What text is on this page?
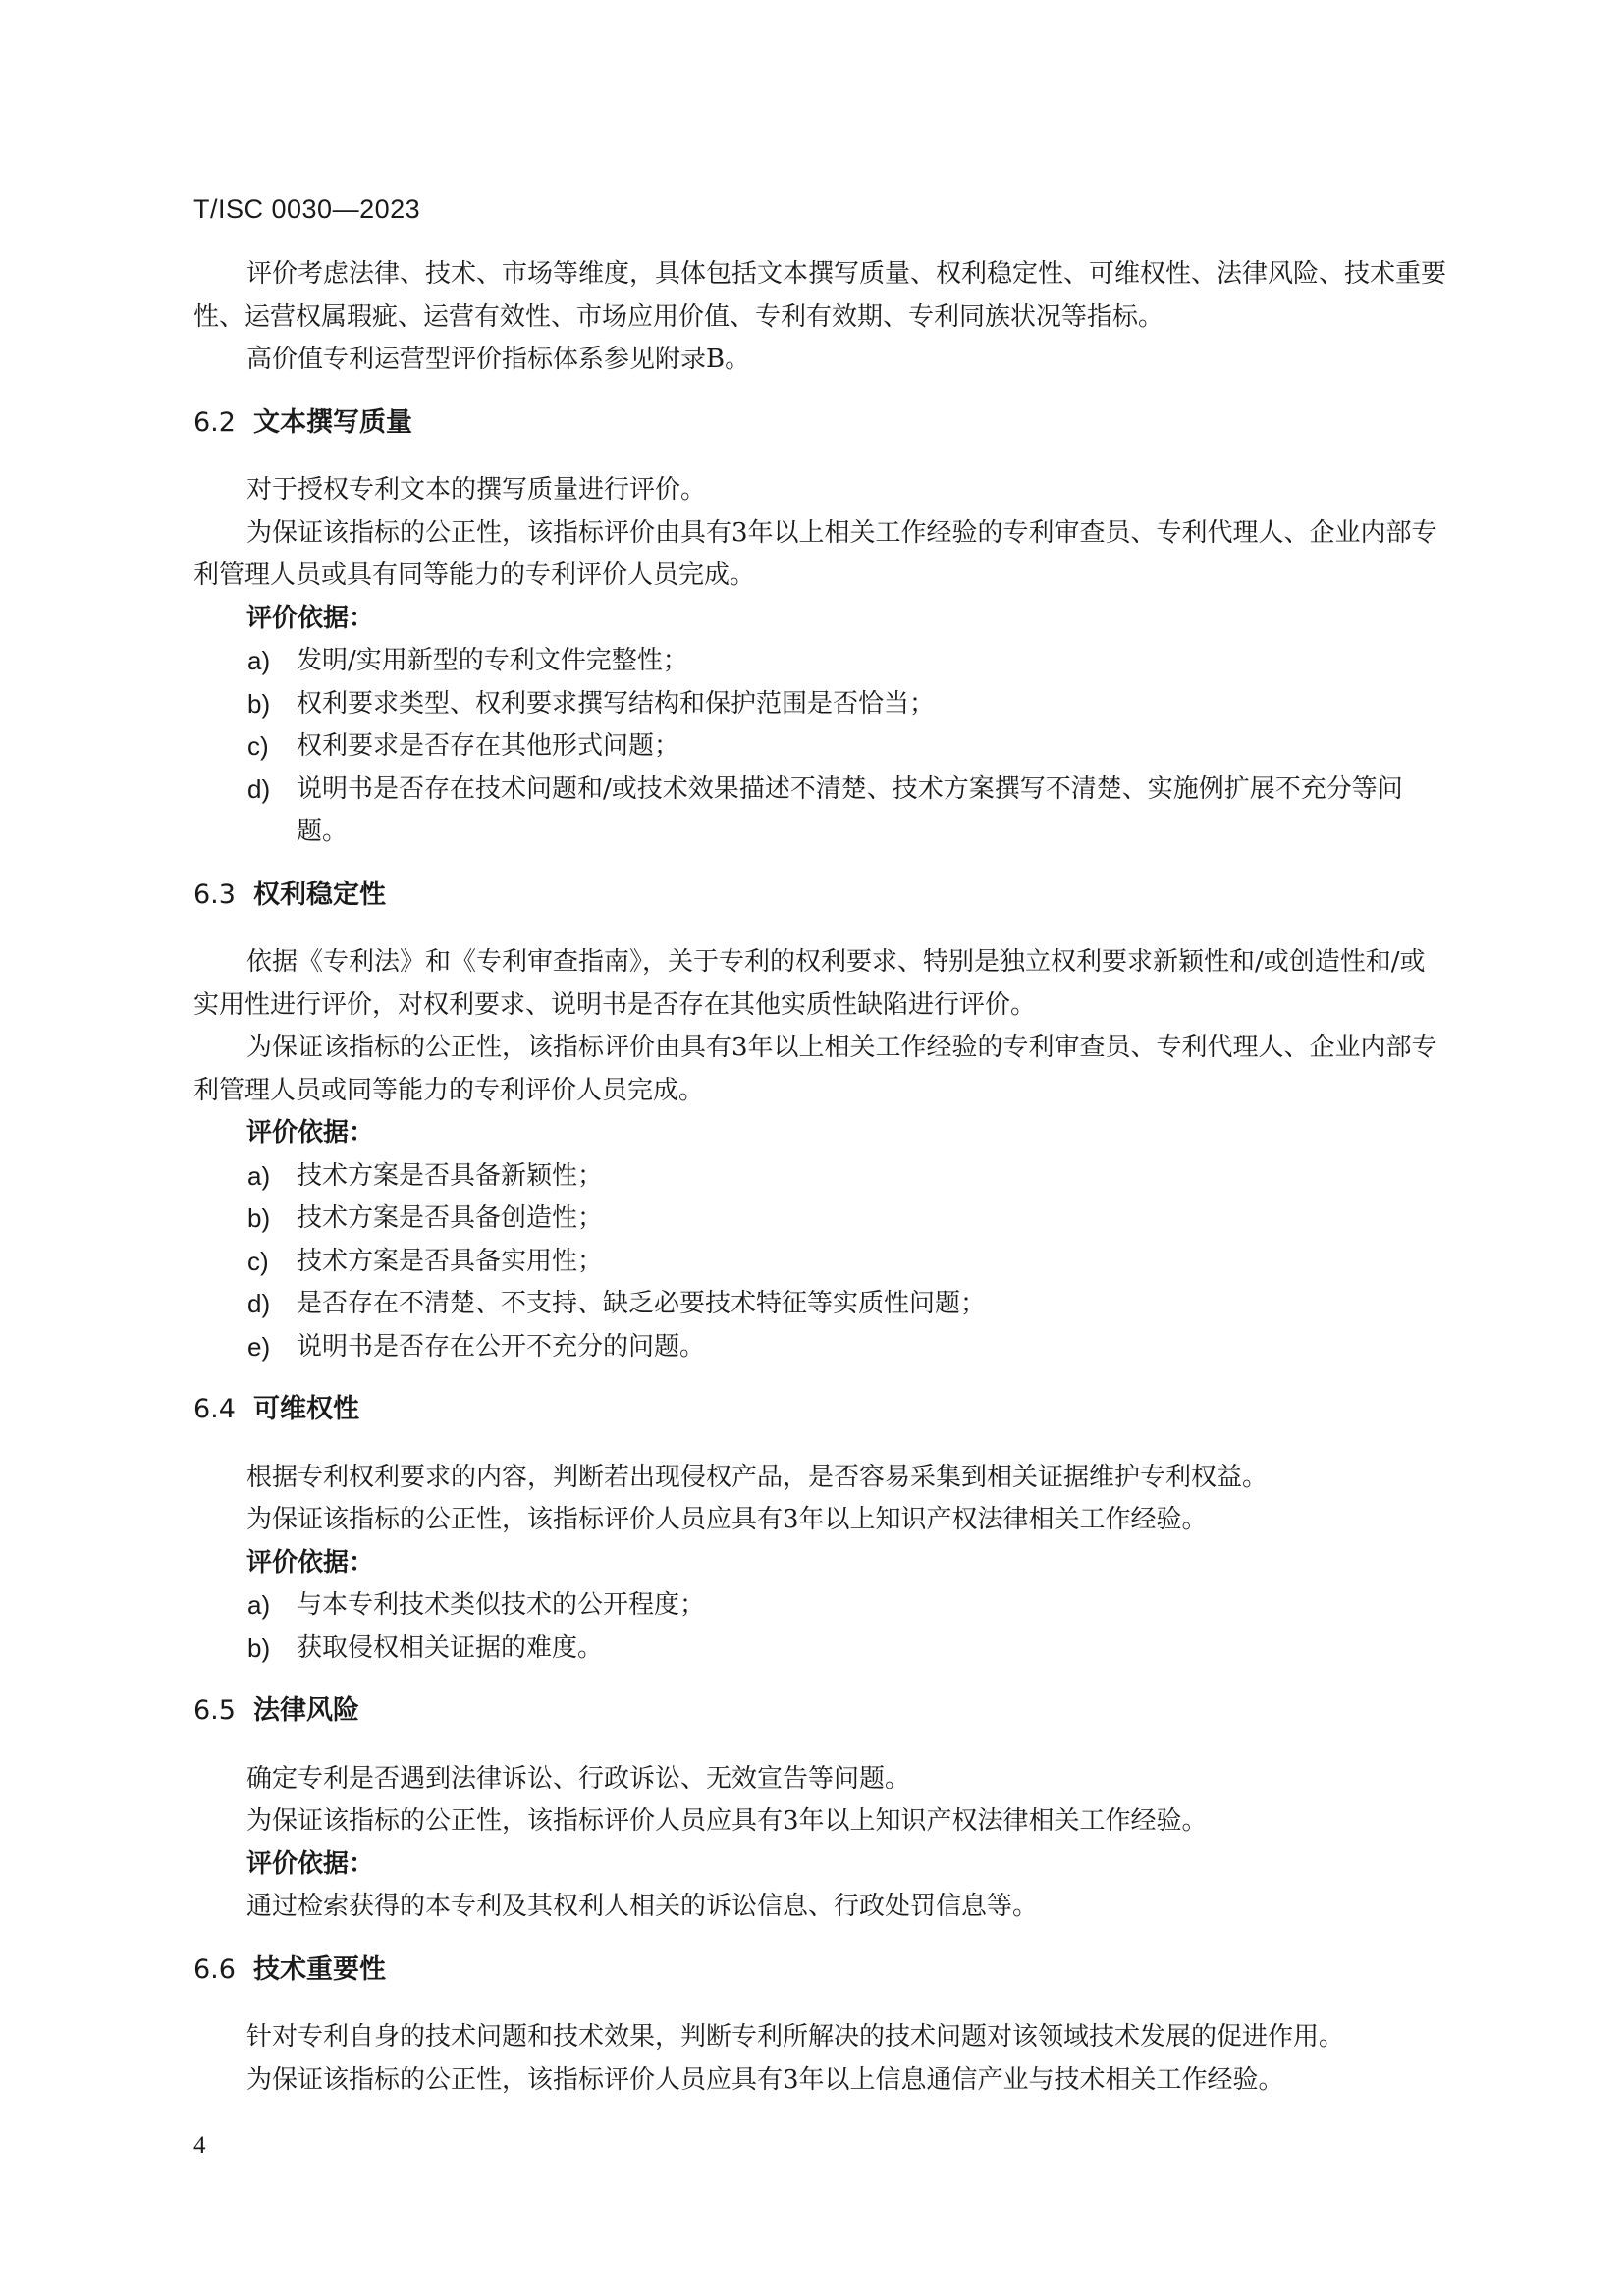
T/ISC 0030—2023

评价考虑法律、技术、市场等维度，具体包括文本撰写质量、权利稳定性、可维权性、法律风险、技术重要性、运营权属瑕疵、运营有效性、市场应用价值、专利有效期、专利同族状况等指标。

高价值专利运营型评价指标体系参见附录B。

6.2 文本撰写质量

对于授权专利文本的撰写质量进行评价。

为保证该指标的公正性，该指标评价由具有3年以上相关工作经验的专利审查员、专利代理人、企业内部专利管理人员或具有同等能力的专利评价人员完成。

评价依据：
a)	发明/实用新型的专利文件完整性；
b)	权利要求类型、权利要求撰写结构和保护范围是否恰当；
c)	权利要求是否存在其他形式问题；
d)	说明书是否存在技术问题和/或技术效果描述不清楚、技术方案撰写不清楚、实施例扩展不充分等问题。
6.3 权利稳定性

依据《专利法》和《专利审查指南》，关于专利的权利要求、特别是独立权利要求新颖性和/或创造性和/或实用性进行评价，对权利要求、说明书是否存在其他实质性缺陷进行评价。

为保证该指标的公正性，该指标评价由具有3年以上相关工作经验的专利审查员、专利代理人、企业内部专利管理人员或同等能力的专利评价人员完成。

评价依据：
a)	技术方案是否具备新颖性；
b)	技术方案是否具备创造性；
c)	技术方案是否具备实用性；
d)	是否存在不清楚、不支持、缺乏必要技术特征等实质性问题；
e)	说明书是否存在公开不充分的问题。
6.4 可维权性

根据专利权利要求的内容，判断若出现侵权产品，是否容易采集到相关证据维护专利权益。

为保证该指标的公正性，该指标评价人员应具有3年以上知识产权法律相关工作经验。

评价依据：
a)	与本专利技术类似技术的公开程度；
b)	获取侵权相关证据的难度。
6.5 法律风险

确定专利是否遇到法律诉讼、行政诉讼、无效宣告等问题。

为保证该指标的公正性，该指标评价人员应具有3年以上知识产权法律相关工作经验。

评价依据：

通过检索获得的本专利及其权利人相关的诉讼信息、行政处罚信息等。

6.6 技术重要性

针对专利自身的技术问题和技术效果，判断专利所解决的技术问题对该领域技术发展的促进作用。

为保证该指标的公正性，该指标评价人员应具有3年以上信息通信产业与技术相关工作经验。

4
